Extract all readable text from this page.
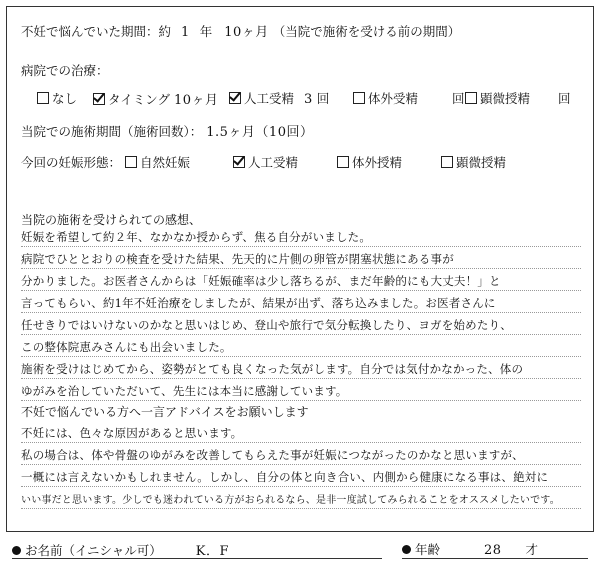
不妊で悩んでいた期間：約 1 年 10ヶ月 （当院で施術を受ける前の期間）
病院での治療：
なし	タイミング 10ヶ月	人工受精 3 回	体外受精	回	顕微授精 回
当院での施術期間（施術回数）： 1.5ヶ月（10回）
今回の妊娠形態：	自然妊娠	人工受精	体外授精	顕微授精
当院の施術を受けられての感想、
妊娠を希望して約２年、なかなか授からず、焦る自分がいました。
病院でひととおりの検査を受けた結果、先天的に片側の卵管が閉塞状態にある事が
分かりました。お医者さんからは「妊娠確率は少し落ちるが、まだ年齢的にも大丈夫！」と
言ってもらい、約1年不妊治療をしましたが、結果が出ず、落ち込みました。お医者さんに
任せきりではいけないのかなと思いはじめ、登山や旅行で気分転換したり、ヨガを始めたり、
この整体院恵みさんにも出会いました。
施術を受けはじめてから、姿勢がとても良くなった気がします。自分では気付かなかった、体の
ゆがみを治していただいて、先生には本当に感謝しています。
不妊で悩んでいる方へ一言アドバイスをお願いします
不妊には、色々な原因があると思います。
私の場合は、体や骨盤のゆがみを改善してもらえた事が妊娠につながったのかなと思いますが、
一概には言えないかもしれません。しかし、自分の体と向き合い、内側から健康になる事は、絶対に
いい事だと思います。少しでも迷われている方がおられるなら、是非一度試してみられることをオススメしたいです。
お名前（イニシャル可）	K．F	年齢	28 才
